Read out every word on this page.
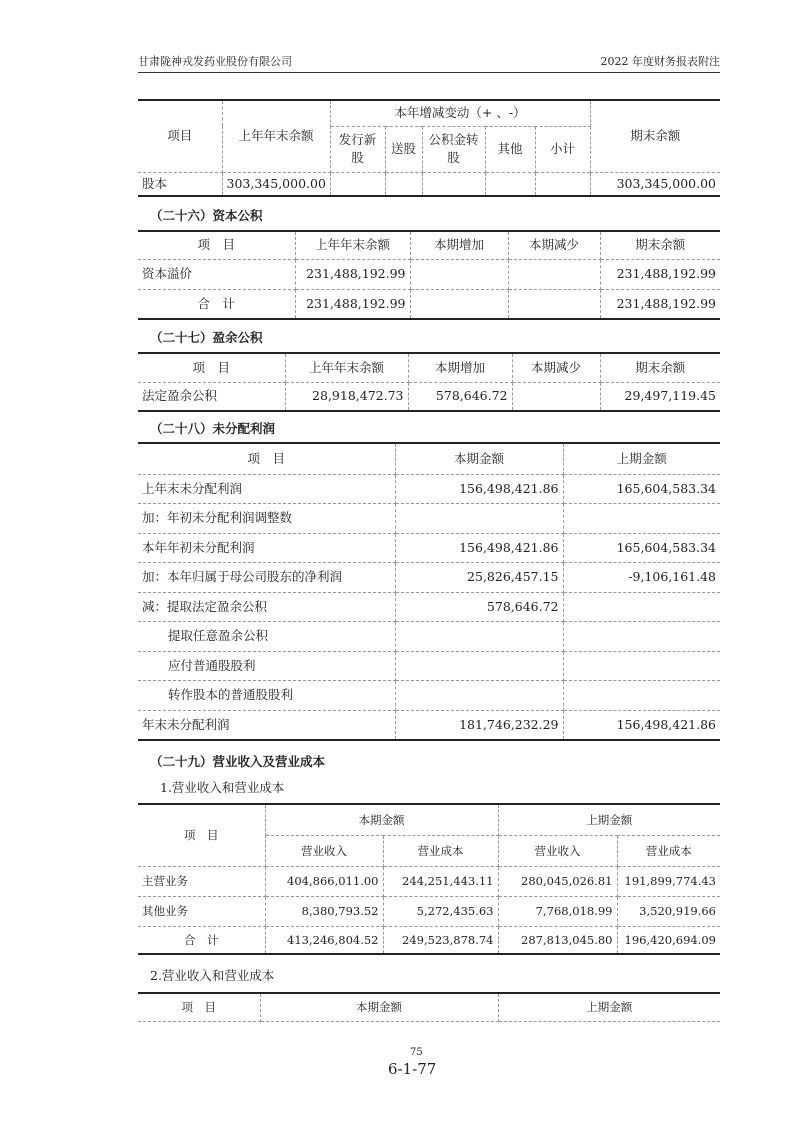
甘肃陇神戎发药业股份有限公司	2022 年度财务报表附注
项目	上年年末余额	本年增减变动（+ 、-）					期末余额
		发行新股	送股	公积金转股	其他	小计	
股本	303,345,000.00						303,345,000.00
（二十六）资本公积
项　目	上年年末余额	本期增加	本期减少	期末余额
资本溢价	231,488,192.99			231,488,192.99
合　计	231,488,192.99			231,488,192.99
（二十七）盈余公积
项　目	上年年末余额	本期增加	本期减少	期末余额
法定盈余公积	28,918,472.73	578,646.72		29,497,119.45
（二十八）未分配利润
项　目	本期金额	上期金额
上年末未分配利润	156,498,421.86	165,604,583.34
加：年初未分配利润调整数		
本年年初未分配利润	156,498,421.86	165,604,583.34
加：本年归属于母公司股东的净利润	25,826,457.15	-9,106,161.48
减：提取法定盈余公积	578,646.72	
提取任意盈余公积		
应付普通股股利		
转作股本的普通股股利		
年末未分配利润	181,746,232.29	156,498,421.86
（二十九）营业收入及营业成本
1.营业收入和营业成本
项　目	本期金额		上期金额	
	营业收入	营业成本	营业收入	营业成本
主营业务	404,866,011.00	244,251,443.11	280,045,026.81	191,899,774.43
其他业务	8,380,793.52	5,272,435.63	7,768,018.99	3,520,919.66
合　计	413,246,804.52	249,523,878.74	287,813,045.80	196,420,694.09
2.营业收入和营业成本
项　目	本期金额	上期金额
6-1-77
75
